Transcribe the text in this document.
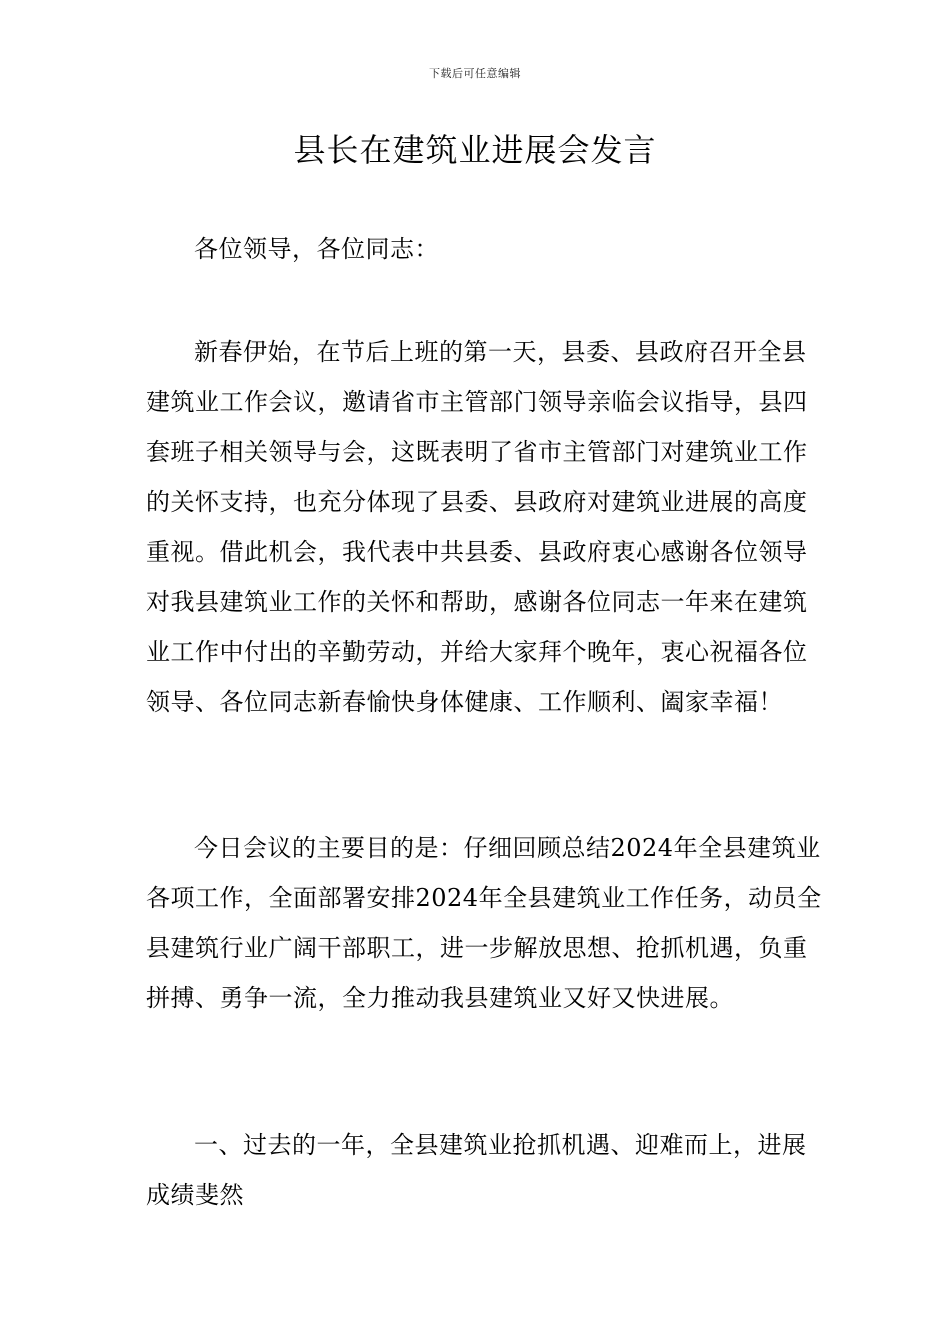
下载后可任意编辑
县长在建筑业进展会发言

各位领导，各位同志：

新春伊始，在节后上班的第一天，县委、县政府召开全县建筑业工作会议，邀请省市主管部门领导亲临会议指导，县四套班子相关领导与会，这既表明了省市主管部门对建筑业工作的关怀支持，也充分体现了县委、县政府对建筑业进展的高度重视。借此机会，我代表中共县委、县政府衷心感谢各位领导对我县建筑业工作的关怀和帮助，感谢各位同志一年来在建筑业工作中付出的辛勤劳动，并给大家拜个晚年，衷心祝福各位领导、各位同志新春愉快身体健康、工作顺利、阖家幸福！

今日会议的主要目的是：仔细回顾总结2024年全县建筑业各项工作，全面部署安排2024年全县建筑业工作任务，动员全县建筑行业广阔干部职工，进一步解放思想、抢抓机遇，负重拼搏、勇争一流，全力推动我县建筑业又好又快进展。

一、过去的一年，全县建筑业抢抓机遇、迎难而上，进展成绩斐然
